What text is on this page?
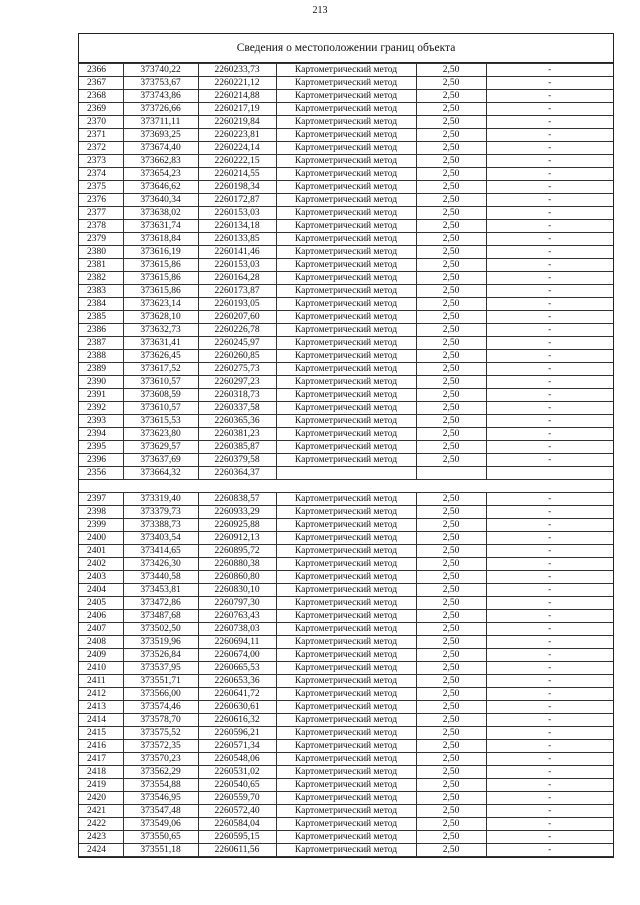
213
Сведения о местоположении границ объекта
2366	373740,22	2260233,73	Картометрический метод	2,50	-
2367	373753,67	2260221,12	Картометрический метод	2,50	-
2368	373743,86	2260214,88	Картометрический метод	2,50	-
2369	373726,66	2260217,19	Картометрический метод	2,50	-
2370	373711,11	2260219,84	Картометрический метод	2,50	-
2371	373693,25	2260223,81	Картометрический метод	2,50	-
2372	373674,40	2260224,14	Картометрический метод	2,50	-
2373	373662,83	2260222,15	Картометрический метод	2,50	-
2374	373654,23	2260214,55	Картометрический метод	2,50	-
2375	373646,62	2260198,34	Картометрический метод	2,50	-
2376	373640,34	2260172,87	Картометрический метод	2,50	-
2377	373638,02	2260153,03	Картометрический метод	2,50	-
2378	373631,74	2260134,18	Картометрический метод	2,50	-
2379	373618,84	2260133,85	Картометрический метод	2,50	-
2380	373616,19	2260141,46	Картометрический метод	2,50	-
2381	373615,86	2260153,03	Картометрический метод	2,50	-
2382	373615,86	2260164,28	Картометрический метод	2,50	-
2383	373615,86	2260173,87	Картометрический метод	2,50	-
2384	373623,14	2260193,05	Картометрический метод	2,50	-
2385	373628,10	2260207,60	Картометрический метод	2,50	-
2386	373632,73	2260226,78	Картометрический метод	2,50	-
2387	373631,41	2260245,97	Картометрический метод	2,50	-
2388	373626,45	2260260,85	Картометрический метод	2,50	-
2389	373617,52	2260275,73	Картометрический метод	2,50	-
2390	373610,57	2260297,23	Картометрический метод	2,50	-
2391	373608,59	2260318,73	Картометрический метод	2,50	-
2392	373610,57	2260337,58	Картометрический метод	2,50	-
2393	373615,53	2260365,36	Картометрический метод	2,50	-
2394	373623,80	2260381,23	Картометрический метод	2,50	-
2395	373629,57	2260385,87	Картометрический метод	2,50	-
2396	373637,69	2260379,58	Картометрический метод	2,50	-
2356	373664,32	2260364,37			

2397	373319,40	2260838,57	Картометрический метод	2,50	-
2398	373379,73	2260933,29	Картометрический метод	2,50	-
2399	373388,73	2260925,88	Картометрический метод	2,50	-
2400	373403,54	2260912,13	Картометрический метод	2,50	-
2401	373414,65	2260895,72	Картометрический метод	2,50	-
2402	373426,30	2260880,38	Картометрический метод	2,50	-
2403	373440,58	2260860,80	Картометрический метод	2,50	-
2404	373453,81	2260830,10	Картометрический метод	2,50	-
2405	373472,86	2260797,30	Картометрический метод	2,50	-
2406	373487,68	2260763,43	Картометрический метод	2,50	-
2407	373502,50	2260738,03	Картометрический метод	2,50	-
2408	373519,96	2260694,11	Картометрический метод	2,50	-
2409	373526,84	2260674,00	Картометрический метод	2,50	-
2410	373537,95	2260665,53	Картометрический метод	2,50	-
2411	373551,71	2260653,36	Картометрический метод	2,50	-
2412	373566,00	2260641,72	Картометрический метод	2,50	-
2413	373574,46	2260630,61	Картометрический метод	2,50	-
2414	373578,70	2260616,32	Картометрический метод	2,50	-
2415	373575,52	2260596,21	Картометрический метод	2,50	-
2416	373572,35	2260571,34	Картометрический метод	2,50	-
2417	373570,23	2260548,06	Картометрический метод	2,50	-
2418	373562,29	2260531,02	Картометрический метод	2,50	-
2419	373554,88	2260540,65	Картометрический метод	2,50	-
2420	373546,95	2260559,70	Картометрический метод	2,50	-
2421	373547,48	2260572,40	Картометрический метод	2,50	-
2422	373549,06	2260584,04	Картометрический метод	2,50	-
2423	373550,65	2260595,15	Картометрический метод	2,50	-
2424	373551,18	2260611,56	Картометрический метод	2,50	-
